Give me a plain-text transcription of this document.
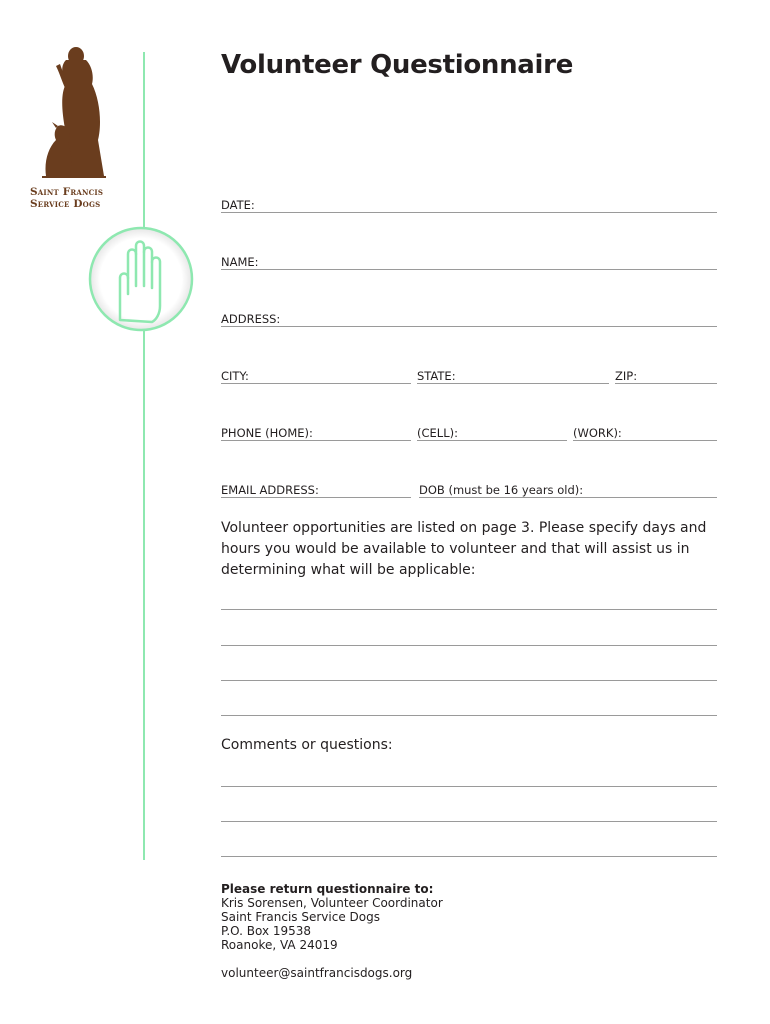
Saint Francis
Service Dogs
Volunteer Questionnaire
DATE:
NAME:
ADDRESS:
CITY:	STATE:	ZIP:
PHONE (HOME):	(CELL):	(WORK):
EMAIL ADDRESS:	DOB (must be 16 years old):

Volunteer opportunities are listed on page 3. Please specify days and hours you would be available to volunteer and that will assist us in determining what will be applicable:

Comments or questions:

Please return questionnaire to:
Kris Sorensen, Volunteer Coordinator
Saint Francis Service Dogs
P.O. Box 19538
Roanoke, VA 24019
volunteer@saintfrancisdogs.org
